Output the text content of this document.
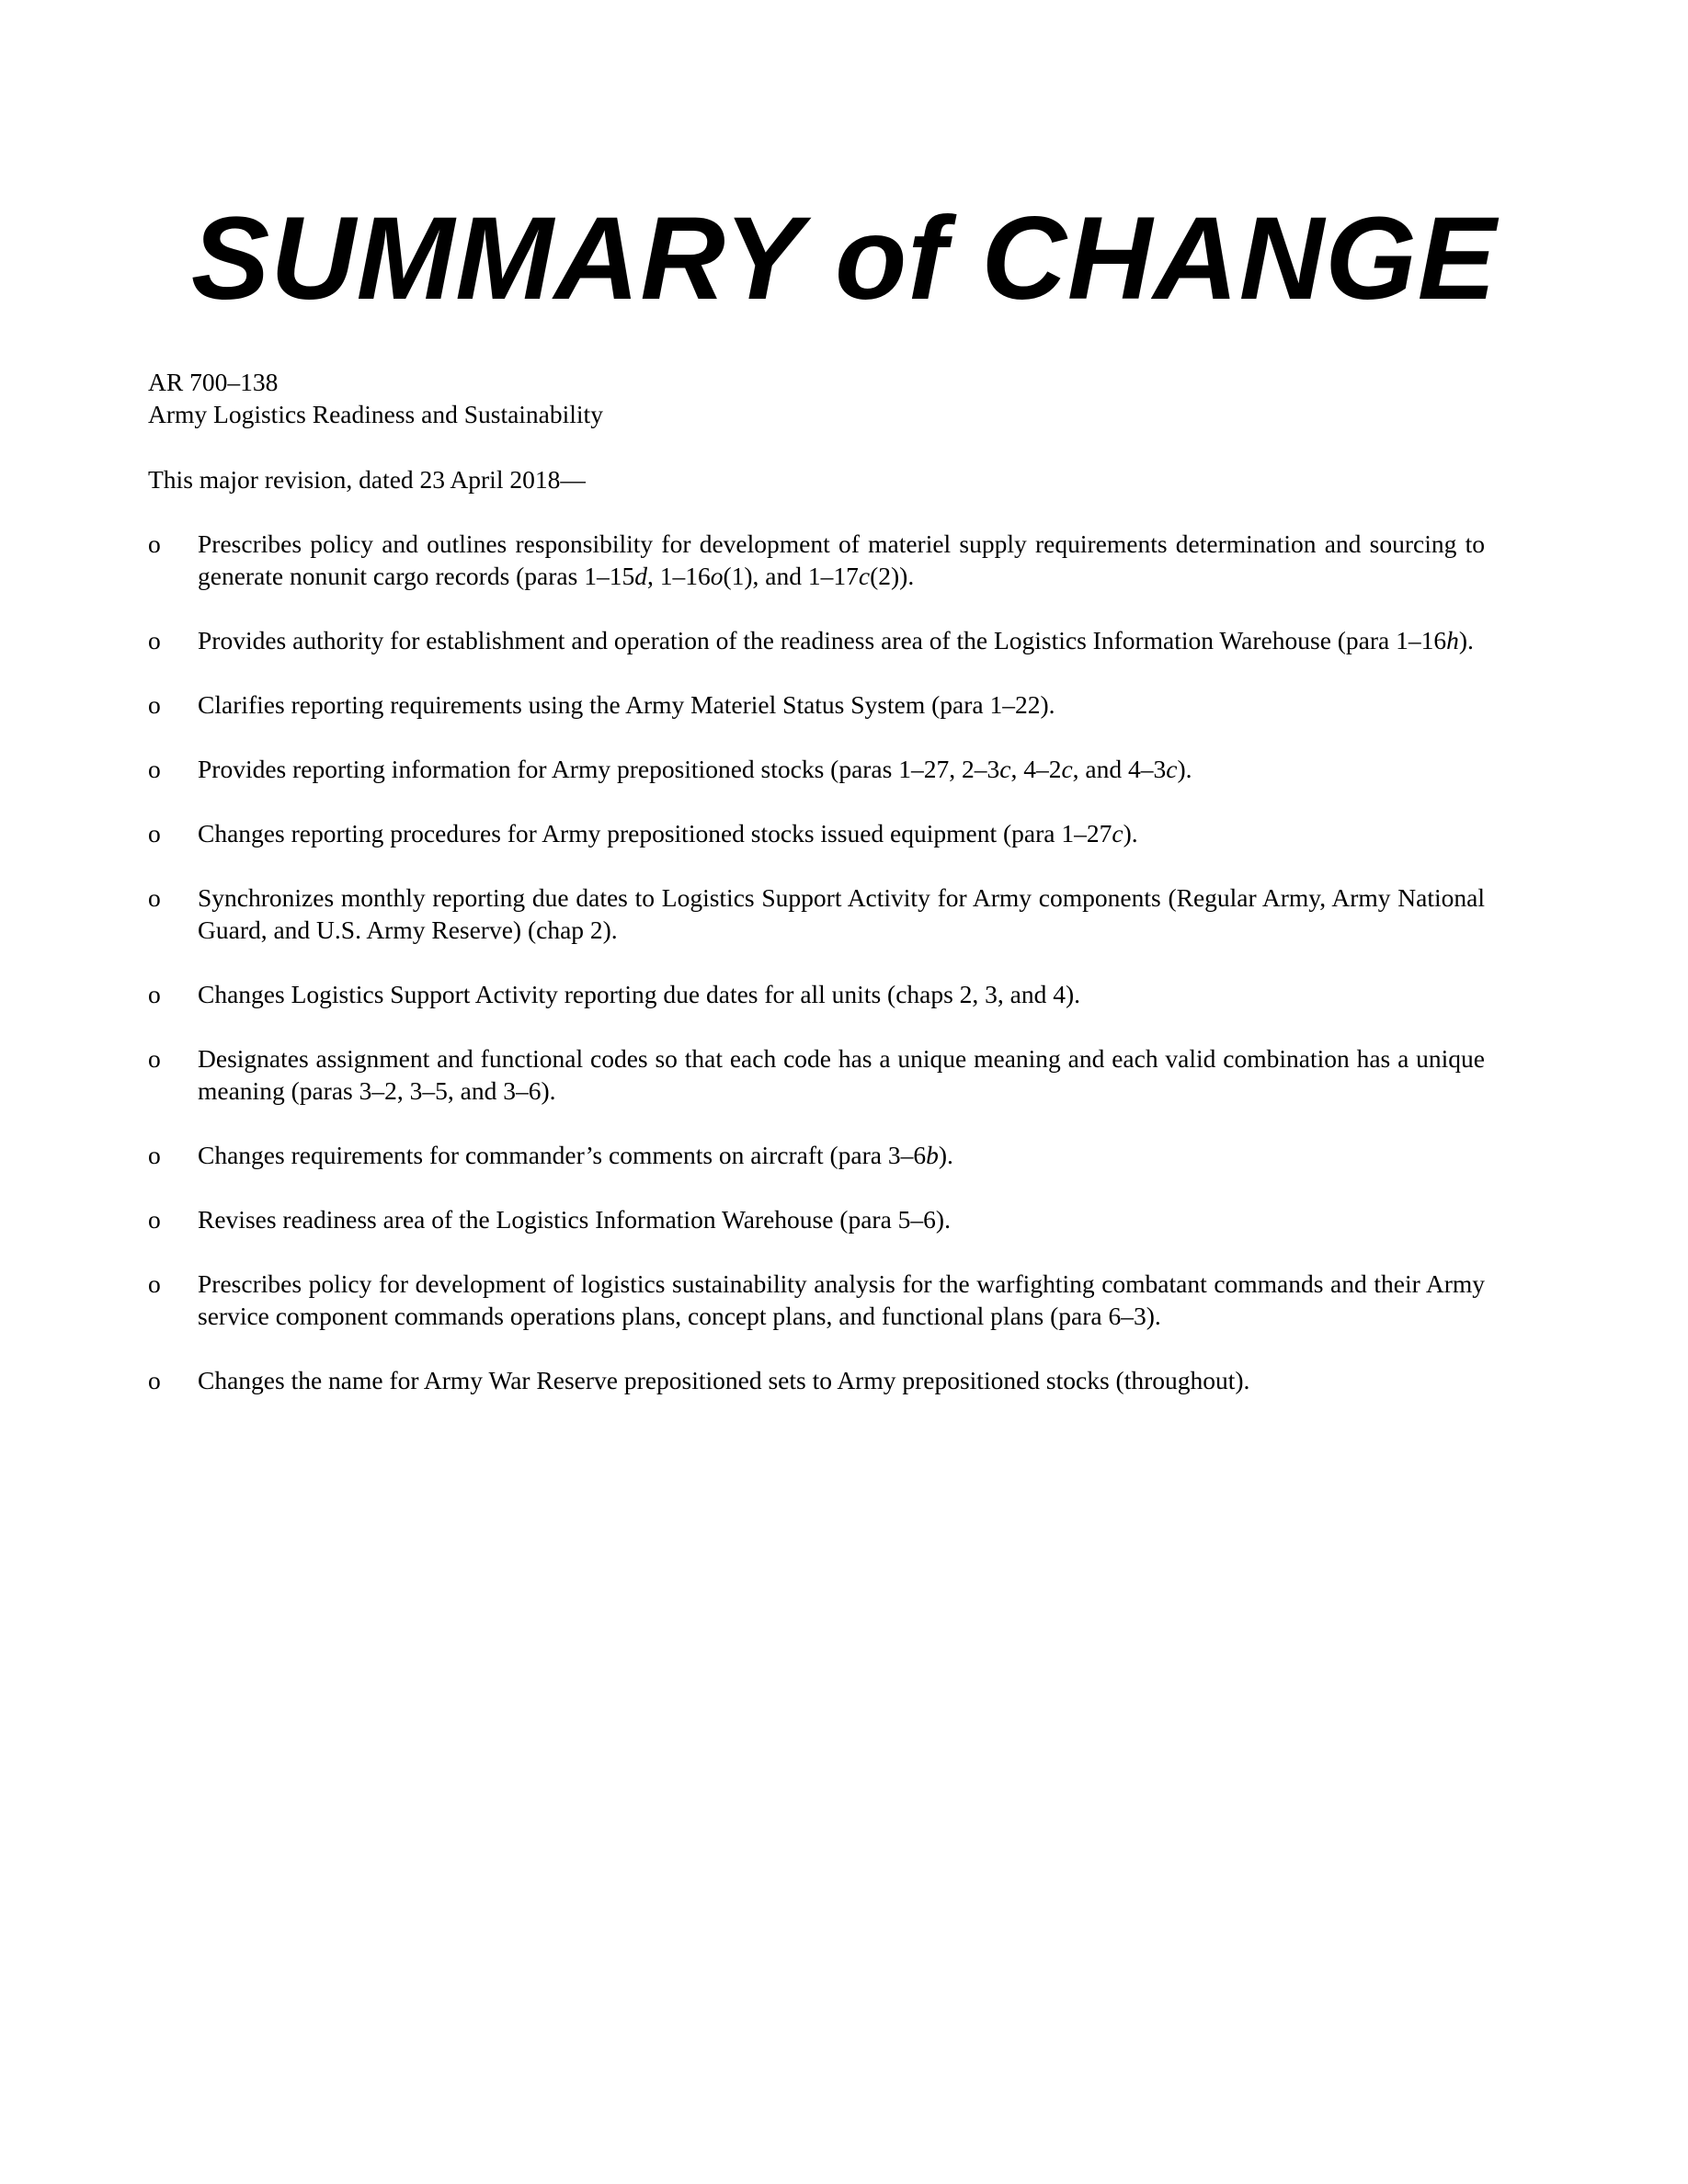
SUMMARY of CHANGE

AR 700–138

Army Logistics Readiness and Sustainability

This major revision, dated 23 April 2018—

o	Prescribes policy and outlines responsibility for development of materiel supply requirements determination and sourcing to generate nonunit cargo records (paras 1–15d, 1–16o(1), and 1–17c(2)).
o	Provides authority for establishment and operation of the readiness area of the Logistics Information Warehouse (para 1–16h).
o	Clarifies reporting requirements using the Army Materiel Status System (para 1–22).
o	Provides reporting information for Army prepositioned stocks (paras 1–27, 2–3c, 4–2c, and 4–3c).
o	Changes reporting procedures for Army prepositioned stocks issued equipment (para 1–27c).
o	Synchronizes monthly reporting due dates to Logistics Support Activity for Army components (Regular Army, Army National Guard, and U.S. Army Reserve) (chap 2).
o	Changes Logistics Support Activity reporting due dates for all units (chaps 2, 3, and 4).
o	Designates assignment and functional codes so that each code has a unique meaning and each valid combination has a unique meaning (paras 3–2, 3–5, and 3–6).
o	Changes requirements for commander’s comments on aircraft (para 3–6b).
o	Revises readiness area of the Logistics Information Warehouse (para 5–6).
o	Prescribes policy for development of logistics sustainability analysis for the warfighting combatant commands and their Army service component commands operations plans, concept plans, and functional plans (para 6–3).
o	Changes the name for Army War Reserve prepositioned sets to Army prepositioned stocks (throughout).
